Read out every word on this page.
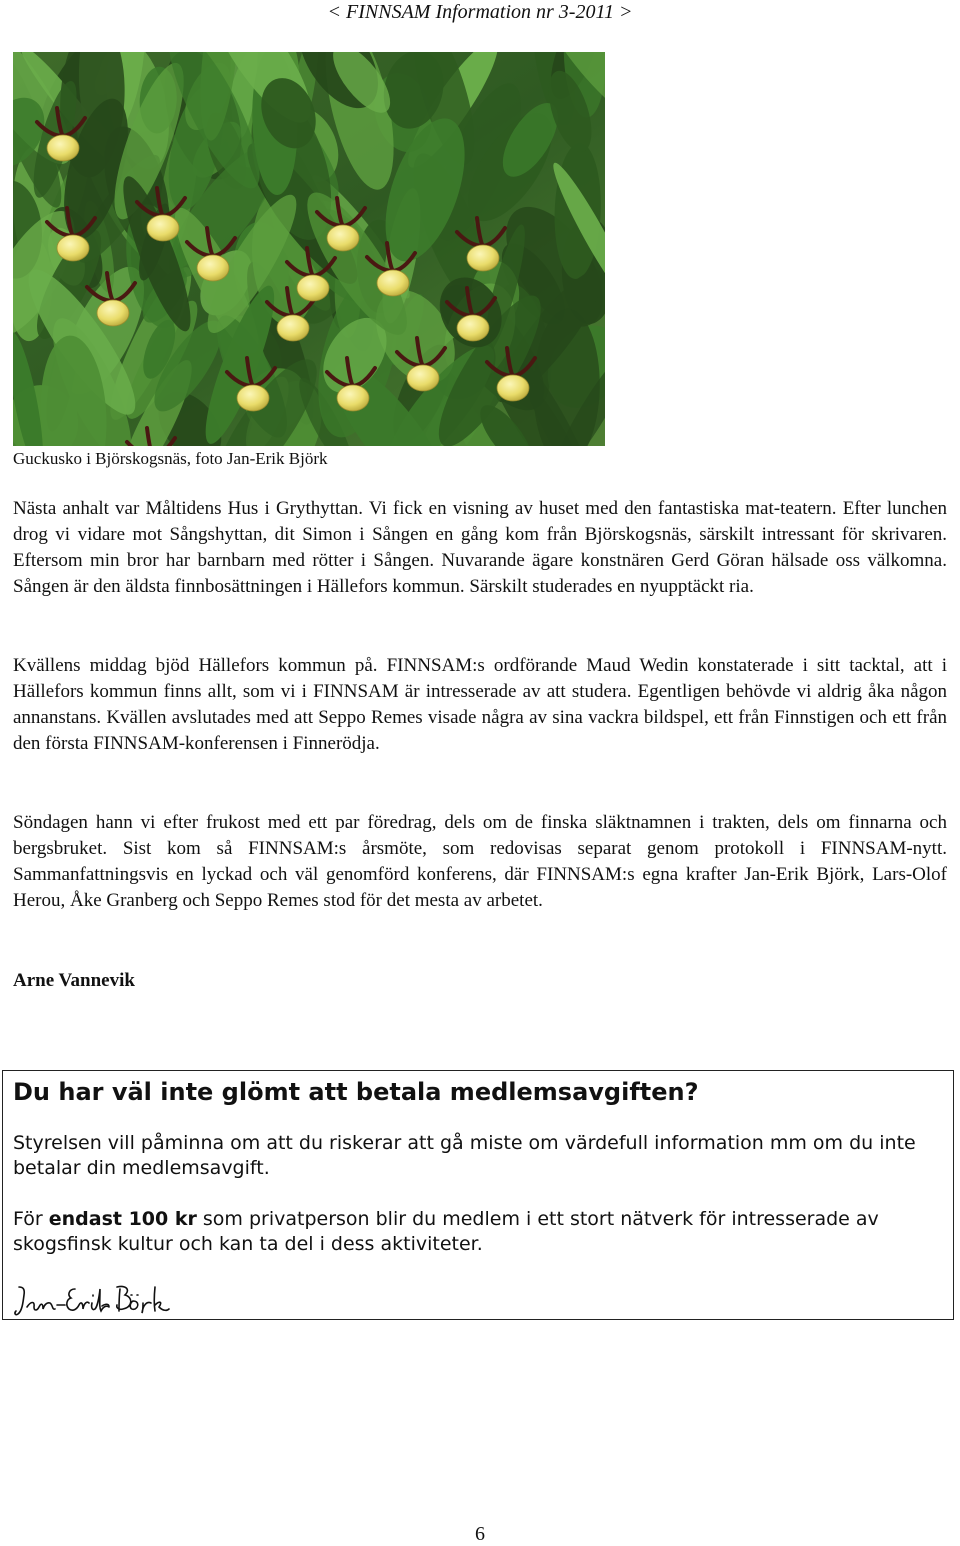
< FINNSAM Information nr 3-2011 >
Guckusko i Björskogsnäs, foto Jan-Erik Björk

Nästa anhalt var Måltidens Hus i Grythyttan. Vi fick en visning av huset med den fantastiska mat-teatern. Efter lunchen drog vi vidare mot Sångshyttan, dit Simon i Sången en gång kom från Björskogsnäs, särskilt intressant för skrivaren. Eftersom min bror har barnbarn med rötter i Sången. Nuvarande ägare konstnären Gerd Göran hälsade oss välkomna. Sången är den äldsta finnbosättningen i Hällefors kommun. Särskilt studerades en nyupptäckt ria.

Kvällens middag bjöd Hällefors kommun på. FINNSAM:s ordförande Maud Wedin konstaterade i sitt tacktal, att i Hällefors kommun finns allt, som vi i FINNSAM är intresserade av att studera. Egentligen behövde vi aldrig åka någon annanstans. Kvällen avslutades med att Seppo Remes visade några av sina vackra bildspel, ett från Finnstigen och ett från den första FINNSAM-konferensen i Finnerödja.

Söndagen hann vi efter frukost med ett par föredrag, dels om de finska släktnamnen i trakten, dels om finnarna och bergsbruket. Sist kom så FINNSAM:s årsmöte, som redovisas separat genom protokoll i FINNSAM-nytt. Sammanfattningsvis en lyckad och väl genomförd konferens, där FINNSAM:s egna krafter Jan-Erik Björk, Lars-Olof Herou, Åke Granberg och Seppo Remes stod för det mesta av arbetet.

Arne Vannevik
Du har väl inte glömt att betala medlemsavgiften?

Styrelsen vill påminna om att du riskerar att gå miste om värdefull information mm om du inte betalar din medlemsavgift.

För endast 100 kr som privatperson blir du medlem i ett stort nätverk för intresserade av skogsfinsk kultur och kan ta del i dess aktiviteter.

6
